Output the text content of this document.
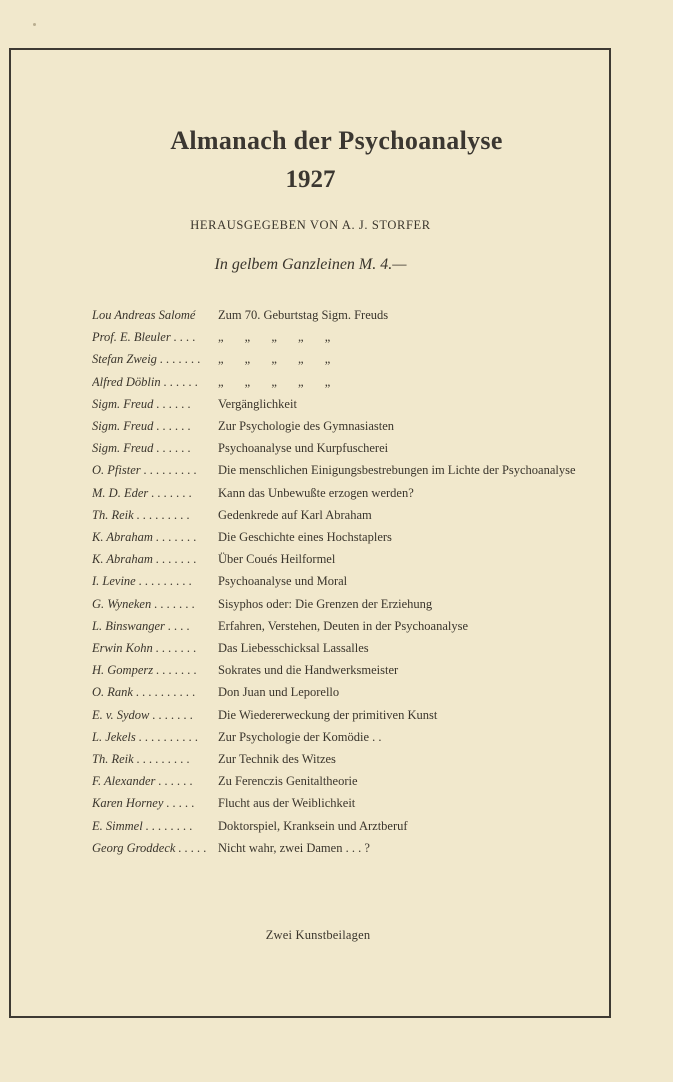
Almanach der Psychoanalyse
1927
HERAUSGEGEBEN VON A. J. STORFER
In gelbem Ganzleinen M. 4.—
Lou Andreas Salomé	Zum 70. Geburtstag Sigm. Freuds
Prof. E. Bleuler . . . .	„ „ „ „ „
Stefan Zweig . . . . . . .	„ „ „ „ „
Alfred Döblin . . . . . .	„ „ „ „ „
Sigm. Freud . . . . . .	Vergänglichkeit
Sigm. Freud . . . . . .	Zur Psychologie des Gymnasiasten
Sigm. Freud . . . . . .	Psychoanalyse und Kurpfuscherei
O. Pfister . . . . . . . . .	Die menschlichen Einigungsbestrebungen im Lichte der Psychoanalyse
M. D. Eder . . . . . . .	Kann das Unbewußte erzogen werden?
Th. Reik . . . . . . . . .	Gedenkrede auf Karl Abraham
K. Abraham . . . . . . .	Die Geschichte eines Hochstaplers
K. Abraham . . . . . . .	Über Coués Heilformel
I. Levine . . . . . . . . .	Psychoanalyse und Moral
G. Wyneken . . . . . . .	Sisyphos oder: Die Grenzen der Erziehung
L. Binswanger . . . .	Erfahren, Verstehen, Deuten in der Psychoanalyse
Erwin Kohn . . . . . . .	Das Liebesschicksal Lassalles
H. Gomperz . . . . . . .	Sokrates und die Handwerksmeister
O. Rank . . . . . . . . . .	Don Juan und Leporello
E. v. Sydow . . . . . . .	Die Wiedererweckung der primitiven Kunst
L. Jekels . . . . . . . . . .	Zur Psychologie der Komödie . .
Th. Reik . . . . . . . . .	Zur Technik des Witzes
F. Alexander . . . . . .	Zu Ferenczis Genitaltheorie
Karen Horney . . . . .	Flucht aus der Weiblichkeit
E. Simmel . . . . . . . .	Doktorspiel, Kranksein und Arztberuf
Georg Groddeck . . . . . Nicht wahr, zwei Damen . . . ?
Zwei Kunstbeilagen
